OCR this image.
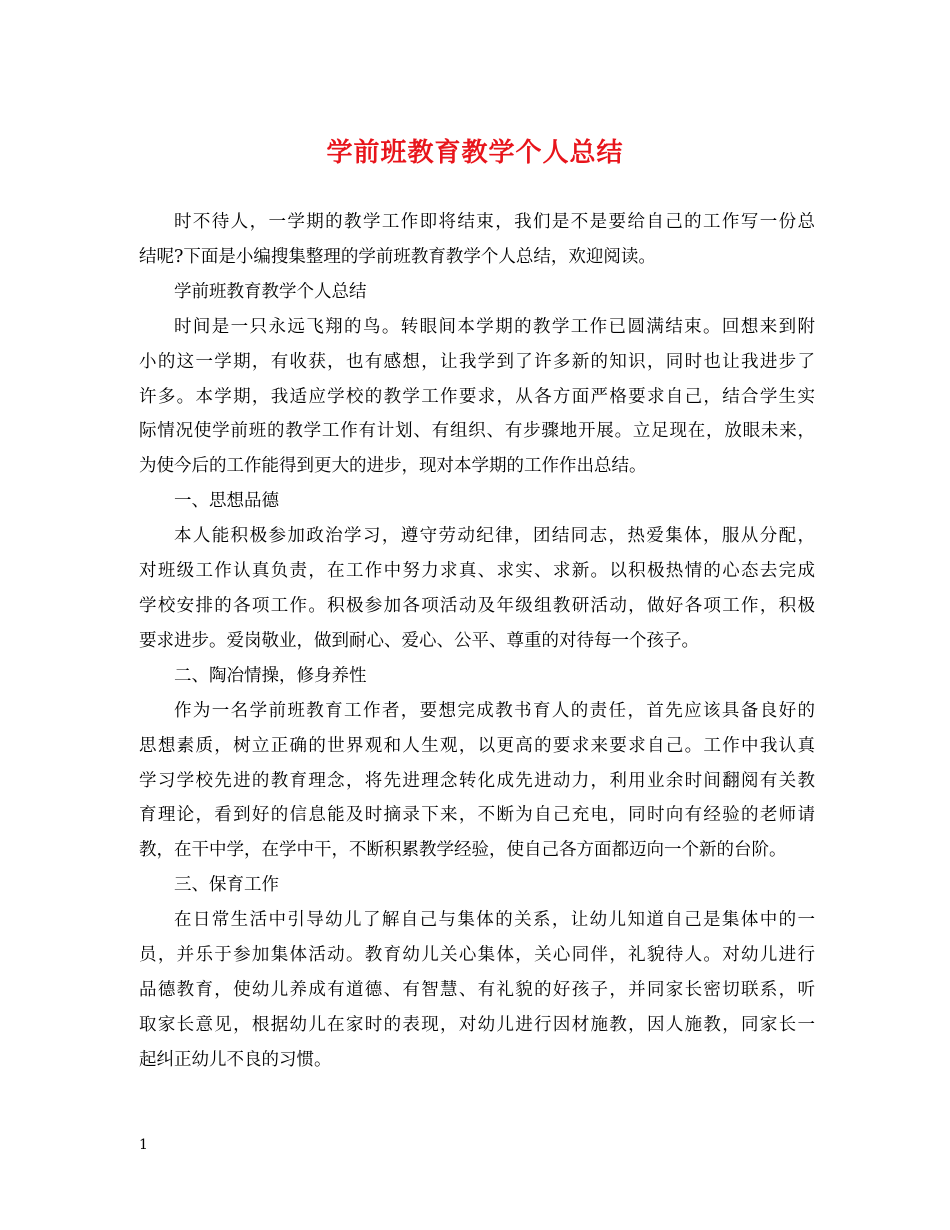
学前班教育教学个人总结

时不待人，一学期的教学工作即将结束，我们是不是要给自己的工作写一份总
结呢?下面是小编搜集整理的学前班教育教学个人总结，欢迎阅读。

学前班教育教学个人总结

时间是一只永远飞翔的鸟。转眼间本学期的教学工作已圆满结束。回想来到附
小的这一学期，有收获，也有感想，让我学到了许多新的知识，同时也让我进步了
许多。本学期，我适应学校的教学工作要求，从各方面严格要求自己，结合学生实
际情况使学前班的教学工作有计划、有组织、有步骤地开展。立足现在，放眼未来，
为使今后的工作能得到更大的进步，现对本学期的工作作出总结。

一、思想品德

本人能积极参加政治学习，遵守劳动纪律，团结同志，热爱集体，服从分配，
对班级工作认真负责，在工作中努力求真、求实、求新。以积极热情的心态去完成
学校安排的各项工作。积极参加各项活动及年级组教研活动，做好各项工作，积极
要求进步。爱岗敬业，做到耐心、爱心、公平、尊重的对待每一个孩子。

二、陶冶情操，修身养性

作为一名学前班教育工作者，要想完成教书育人的责任，首先应该具备良好的
思想素质，树立正确的世界观和人生观，以更高的要求来要求自己。工作中我认真
学习学校先进的教育理念，将先进理念转化成先进动力，利用业余时间翻阅有关教
育理论，看到好的信息能及时摘录下来，不断为自己充电，同时向有经验的老师请
教，在干中学，在学中干，不断积累教学经验，使自己各方面都迈向一个新的台阶。

三、保育工作

在日常生活中引导幼儿了解自己与集体的关系，让幼儿知道自己是集体中的一
员，并乐于参加集体活动。教育幼儿关心集体，关心同伴，礼貌待人。对幼儿进行
品德教育，使幼儿养成有道德、有智慧、有礼貌的好孩子，并同家长密切联系，听
取家长意见，根据幼儿在家时的表现，对幼儿进行因材施教，因人施教，同家长一
起纠正幼儿不良的习惯。

1
